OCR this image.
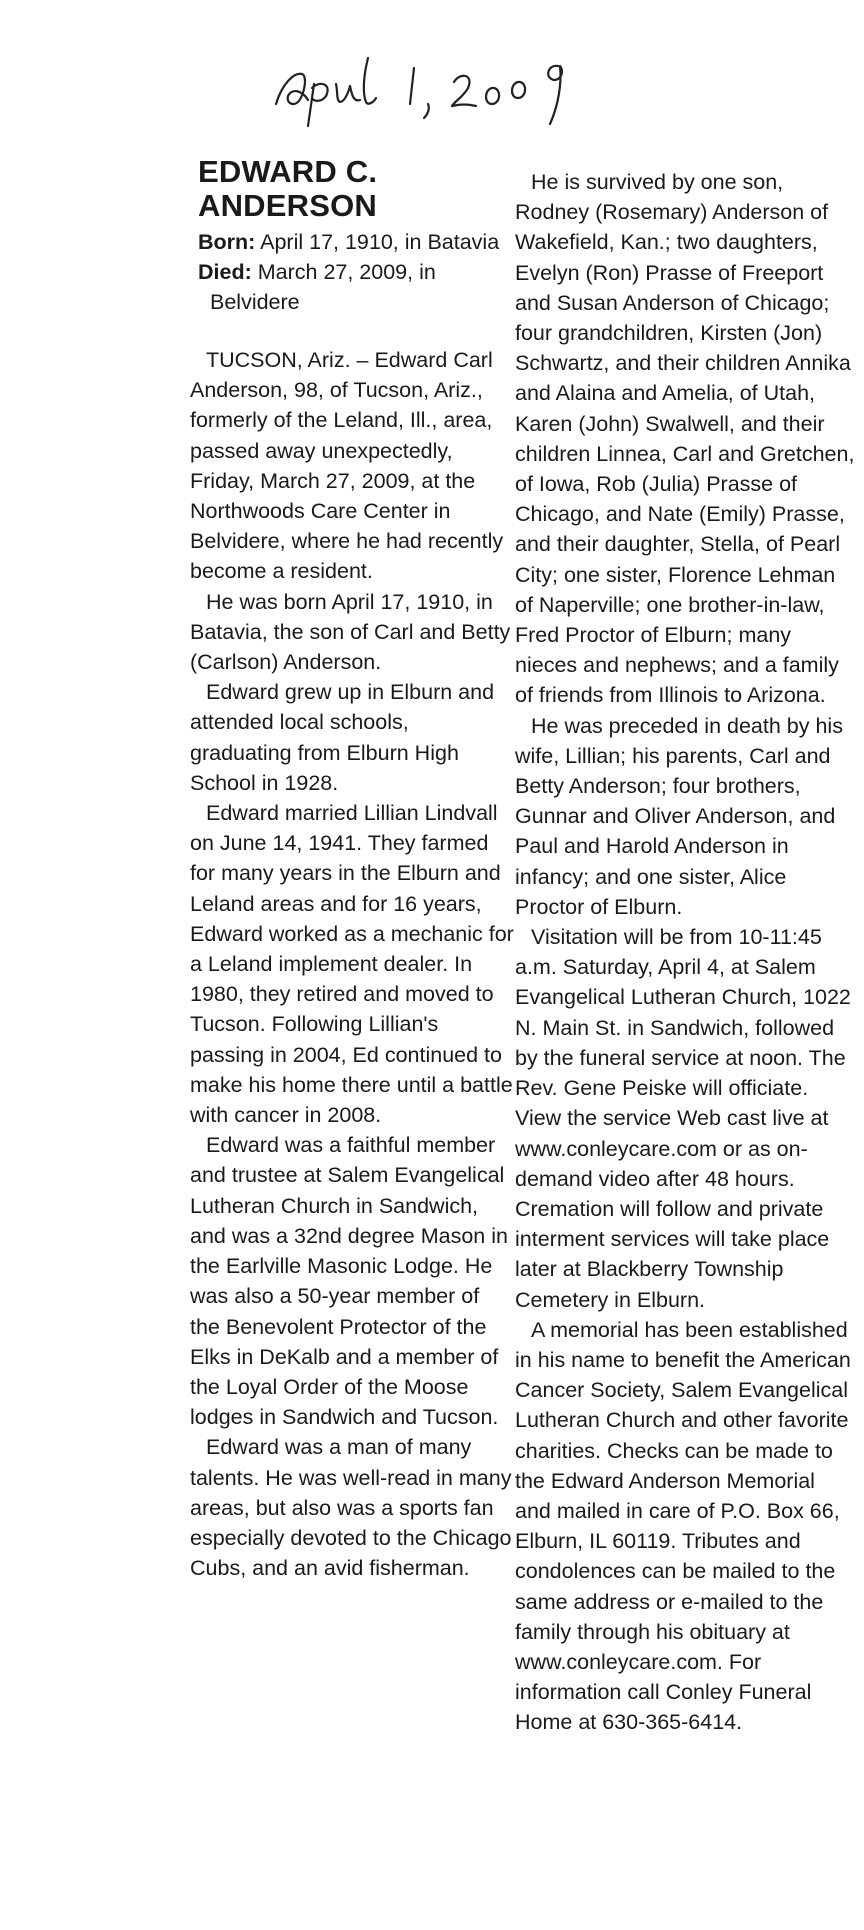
EDWARD C.
ANDERSON
Born: April 17, 1910, in Batavia
Died: March 27, 2009, in
Belvidere

TUCSON, Ariz. – Edward Carl Anderson, 98, of Tucson, Ariz., formerly of the Leland, Ill., area, passed away unexpectedly, Friday, March 27, 2009, at the Northwoods Care Center in Belvidere, where he had recently become a resident.

He was born April 17, 1910, in Batavia, the son of Carl and Betty (Carlson) Anderson.

Edward grew up in Elburn and attended local schools, graduating from Elburn High School in 1928.

Edward married Lillian Lindvall on June 14, 1941. They farmed for many years in the Elburn and Leland areas and for 16 years, Edward worked as a mechanic for a Leland implement dealer. In 1980, they retired and moved to Tucson. Following Lillian's passing in 2004, Ed continued to make his home there until a battle with cancer in 2008.

Edward was a faithful member and trustee at Salem Evangelical Lutheran Church in Sandwich, and was a 32nd degree Mason in the Earlville Masonic Lodge. He was also a 50-year member of the Benevolent Protector of the Elks in DeKalb and a member of the Loyal Order of the Moose lodges in Sandwich and Tucson.

Edward was a man of many talents. He was well-read in many areas, but also was a sports fan especially devoted to the Chicago Cubs, and an avid fisherman.

He is survived by one son, Rodney (Rosemary) Anderson of Wakefield, Kan.; two daughters, Evelyn (Ron) Prasse of Freeport and Susan Anderson of Chicago; four grandchildren, Kirsten (Jon) Schwartz, and their children Annika and Alaina and Amelia, of Utah, Karen (John) Swalwell, and their children Linnea, Carl and Gretchen, of Iowa, Rob (Julia) Prasse of Chicago, and Nate (Emily) Prasse, and their daughter, Stella, of Pearl City; one sister, Florence Lehman of Naperville; one brother-in-law, Fred Proctor of Elburn; many nieces and nephews; and a family of friends from Illinois to Arizona.

He was preceded in death by his wife, Lillian; his parents, Carl and Betty Anderson; four brothers, Gunnar and Oliver Anderson, and Paul and Harold Anderson in infancy; and one sister, Alice Proctor of Elburn.

Visitation will be from 10-11:45 a.m. Saturday, April 4, at Salem Evangelical Lutheran Church, 1022 N. Main St. in Sandwich, followed by the funeral service at noon. The Rev. Gene Peiske will officiate. View the service Web cast live at www.conleycare.com or as on-demand video after 48 hours. Cremation will follow and private interment services will take place later at Blackberry Township Cemetery in Elburn.

A memorial has been established in his name to benefit the American Cancer Society, Salem Evangelical Lutheran Church and other favorite charities. Checks can be made to the Edward Anderson Memorial and mailed in care of P.O. Box 66, Elburn, IL 60119. Tributes and condolences can be mailed to the same address or e-mailed to the family through his obituary at www.conleycare.com. For information call Conley Funeral Home at 630-365-6414.
